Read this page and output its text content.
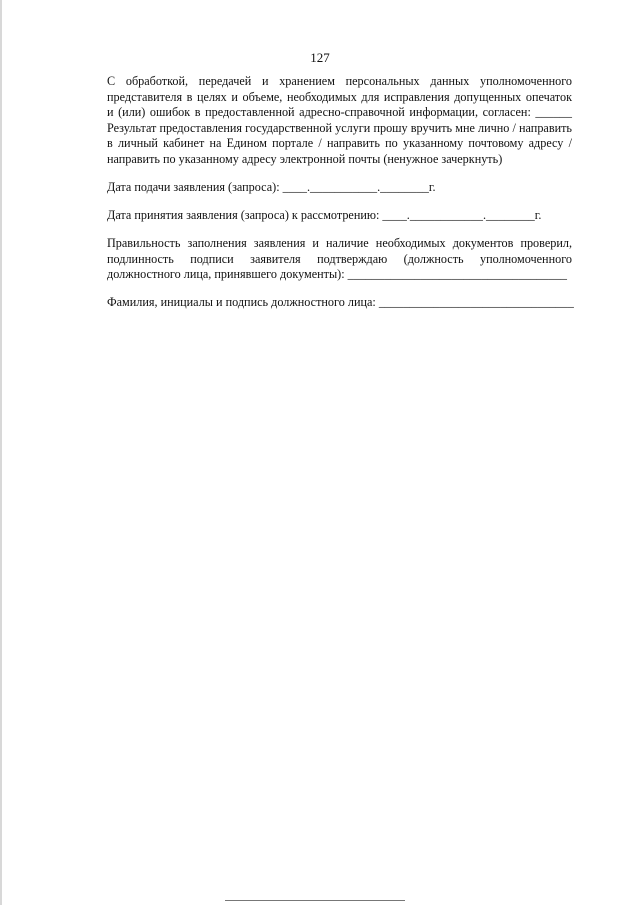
127
С обработкой, передачей и хранением персональных данных уполномоченного
представителя в целях и объеме, необходимых для исправления допущенных опечаток
и (или) ошибок в предоставленной адресно-справочной информации, согласен: ______
Результат предоставления государственной услуги прошу вручить мне лично / направить
в личный кабинет на Едином портале / направить по указанному почтовому адресу /
направить по указанному адресу электронной почты (ненужное зачеркнуть)
Дата подачи заявления (запроса): ____.___________.________г.
Дата принятия заявления (запроса) к рассмотрению: ____.____________.________г.
Правильность заполнения заявления и наличие необходимых документов проверил,
подлинность подписи заявителя подтверждаю (должность уполномоченного
должностного лица, принявшего документы): ____________________________________
Фамилия, инициалы и подпись должностного лица: ________________________________
